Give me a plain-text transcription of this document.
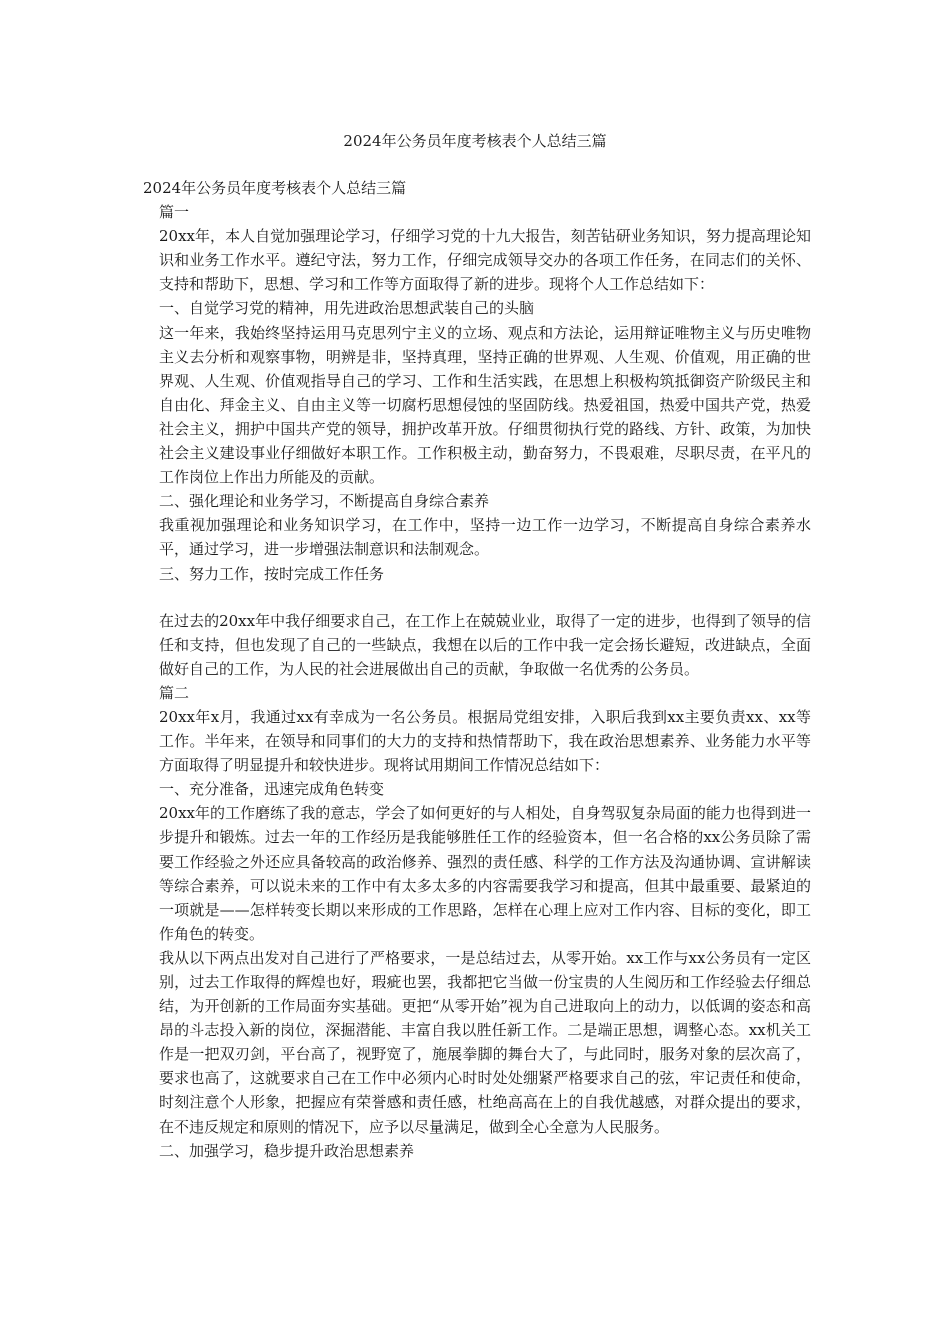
2024年公务员年度考核表个人总结三篇

2024年公务员年度考核表个人总结三篇

篇一

20xx年，本人自觉加强理论学习，仔细学习党的十九大报告，刻苦钻研业务知识，努力提高理论知识和业务工作水平。遵纪守法，努力工作，仔细完成领导交办的各项工作任务，在同志们的关怀、支持和帮助下，思想、学习和工作等方面取得了新的进步。现将个人工作总结如下：

一、自觉学习党的精神，用先进政治思想武装自己的头脑

这一年来，我始终坚持运用马克思列宁主义的立场、观点和方法论，运用辩证唯物主义与历史唯物主义去分析和观察事物，明辨是非，坚持真理，坚持正确的世界观、人生观、价值观，用正确的世界观、人生观、价值观指导自己的学习、工作和生活实践，在思想上积极构筑抵御资产阶级民主和自由化、拜金主义、自由主义等一切腐朽思想侵蚀的坚固防线。热爱祖国，热爱中国共产党，热爱社会主义，拥护中国共产党的领导，拥护改革开放。仔细贯彻执行党的路线、方针、政策，为加快社会主义建设事业仔细做好本职工作。工作积极主动，勤奋努力，不畏艰难，尽职尽责，在平凡的工作岗位上作出力所能及的贡献。

二、强化理论和业务学习，不断提高自身综合素养

我重视加强理论和业务知识学习，在工作中，坚持一边工作一边学习，不断提高自身综合素养水平，通过学习，进一步增强法制意识和法制观念。

三、努力工作，按时完成工作任务

在过去的20xx年中我仔细要求自己，在工作上在兢兢业业，取得了一定的进步，也得到了领导的信任和支持，但也发现了自己的一些缺点，我想在以后的工作中我一定会扬长避短，改进缺点，全面做好自己的工作，为人民的社会进展做出自己的贡献，争取做一名优秀的公务员。

篇二

20xx年x月，我通过xx有幸成为一名公务员。根据局党组安排，入职后我到xx主要负责xx、xx等工作。半年来，在领导和同事们的大力的支持和热情帮助下，我在政治思想素养、业务能力水平等方面取得了明显提升和较快进步。现将试用期间工作情况总结如下：

一、充分准备，迅速完成角色转变

20xx年的工作磨练了我的意志，学会了如何更好的与人相处，自身驾驭复杂局面的能力也得到进一步提升和锻炼。过去一年的工作经历是我能够胜任工作的经验资本，但一名合格的xx公务员除了需要工作经验之外还应具备较高的政治修养、强烈的责任感、科学的工作方法及沟通协调、宣讲解读等综合素养，可以说未来的工作中有太多太多的内容需要我学习和提高，但其中最重要、最紧迫的一项就是——怎样转变长期以来形成的工作思路，怎样在心理上应对工作内容、目标的变化，即工作角色的转变。

我从以下两点出发对自己进行了严格要求，一是总结过去，从零开始。xx工作与xx公务员有一定区别，过去工作取得的辉煌也好，瑕疵也罢，我都把它当做一份宝贵的人生阅历和工作经验去仔细总结，为开创新的工作局面夯实基础。更把“从零开始”视为自己进取向上的动力，以低调的姿态和高昂的斗志投入新的岗位，深掘潜能、丰富自我以胜任新工作。二是端正思想，调整心态。xx机关工作是一把双刃剑，平台高了，视野宽了，施展拳脚的舞台大了，与此同时，服务对象的层次高了，要求也高了，这就要求自己在工作中必须内心时时处处绷紧严格要求自己的弦，牢记责任和使命，时刻注意个人形象，把握应有荣誉感和责任感，杜绝高高在上的自我优越感，对群众提出的要求，在不违反规定和原则的情况下，应予以尽量满足，做到全心全意为人民服务。

二、加强学习，稳步提升政治思想素养
